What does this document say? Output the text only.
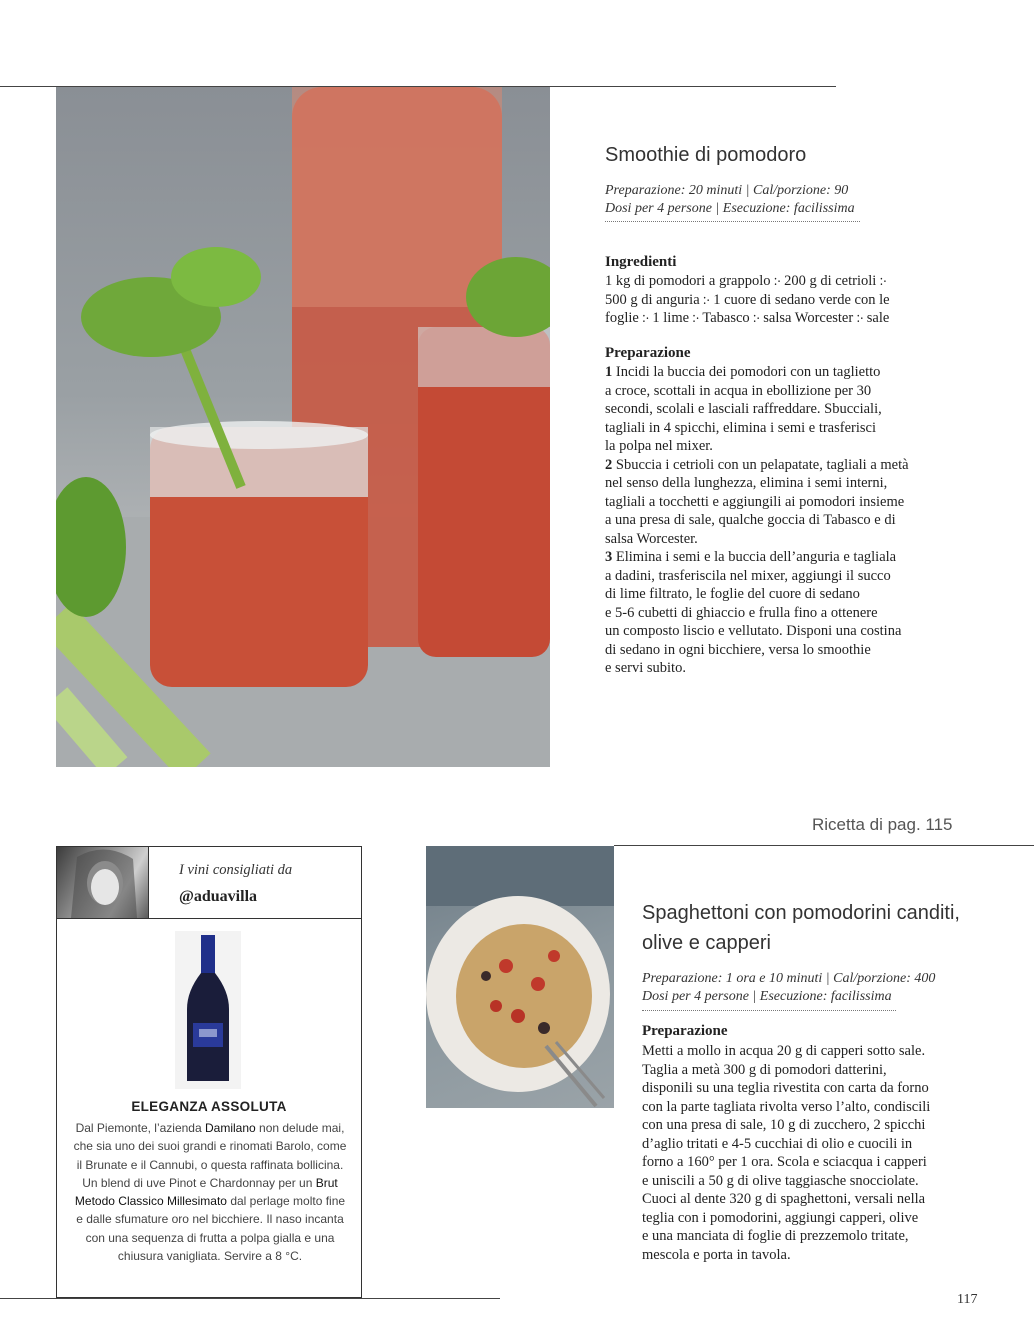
Smoothie di pomodoro
Preparazione: 20 minuti | Cal/porzione: 90
Dosi per 4 persone | Esecuzione: facilissima
Ingredienti
1 kg di pomodori a grappolo ჻ 200 g di cetrioli ჻
500 g di anguria ჻ 1 cuore di sedano verde con le
foglie ჻ 1 lime ჻ Tabasco ჻ salsa Worcester ჻ sale
Preparazione
1 Incidi la buccia dei pomodori con un taglietto
a croce, scottali in acqua in ebollizione per 30
secondi, scolali e lasciali raffreddare. Sbucciali,
tagliali in 4 spicchi, elimina i semi e trasferisci
la polpa nel mixer.
2 Sbuccia i cetrioli con un pelapatate, tagliali a metà
nel senso della lunghezza, elimina i semi interni,
tagliali a tocchetti e aggiungili ai pomodori insieme
a una presa di sale, qualche goccia di Tabasco e di
salsa Worcester.
3 Elimina i semi e la buccia dell’anguria e tagliala
a dadini, trasferiscila nel mixer, aggiungi il succo
di lime filtrato, le foglie del cuore di sedano
e 5-6 cubetti di ghiaccio e frulla fino a ottenere
un composto liscio e vellutato. Disponi una costina
di sedano in ogni bicchiere, versa lo smoothie
e servi subito.
Ricetta di pag. 115
I vini consigliati da
@aduavilla
ELEGANZA ASSOLUTA
Dal Piemonte, l’azienda Damilano non delude mai, che sia uno dei suoi grandi e rinomati Barolo, come il Brunate e il Cannubi, o questa raffinata bollicina. Un blend di uve Pinot e Chardonnay per un Brut Metodo Classico Millesimato dal perlage molto fine e dalle sfumature oro nel bicchiere. Il naso incanta con una sequenza di frutta a polpa gialla e una chiusura vanigliata. Servire a 8 °C.
Spaghettoni con pomodorini canditi,
olive e capperi
Preparazione: 1 ora e 10 minuti | Cal/porzione: 400
Dosi per 4 persone | Esecuzione: facilissima
Preparazione
Metti a mollo in acqua 20 g di capperi sotto sale.
Taglia a metà 300 g di pomodori datterini,
disponili su una teglia rivestita con carta da forno
con la parte tagliata rivolta verso l’alto, condiscili
con una presa di sale, 10 g di zucchero, 2 spicchi
d’aglio tritati e 4-5 cucchiai di olio e cuocili in
forno a 160° per 1 ora. Scola e sciacqua i capperi
e uniscili a 50 g di olive taggiasche snocciolate.
Cuoci al dente 320 g di spaghettoni, versali nella
teglia con i pomodorini, aggiungi capperi, olive
e una manciata di foglie di prezzemolo tritate,
mescola e porta in tavola.
117
